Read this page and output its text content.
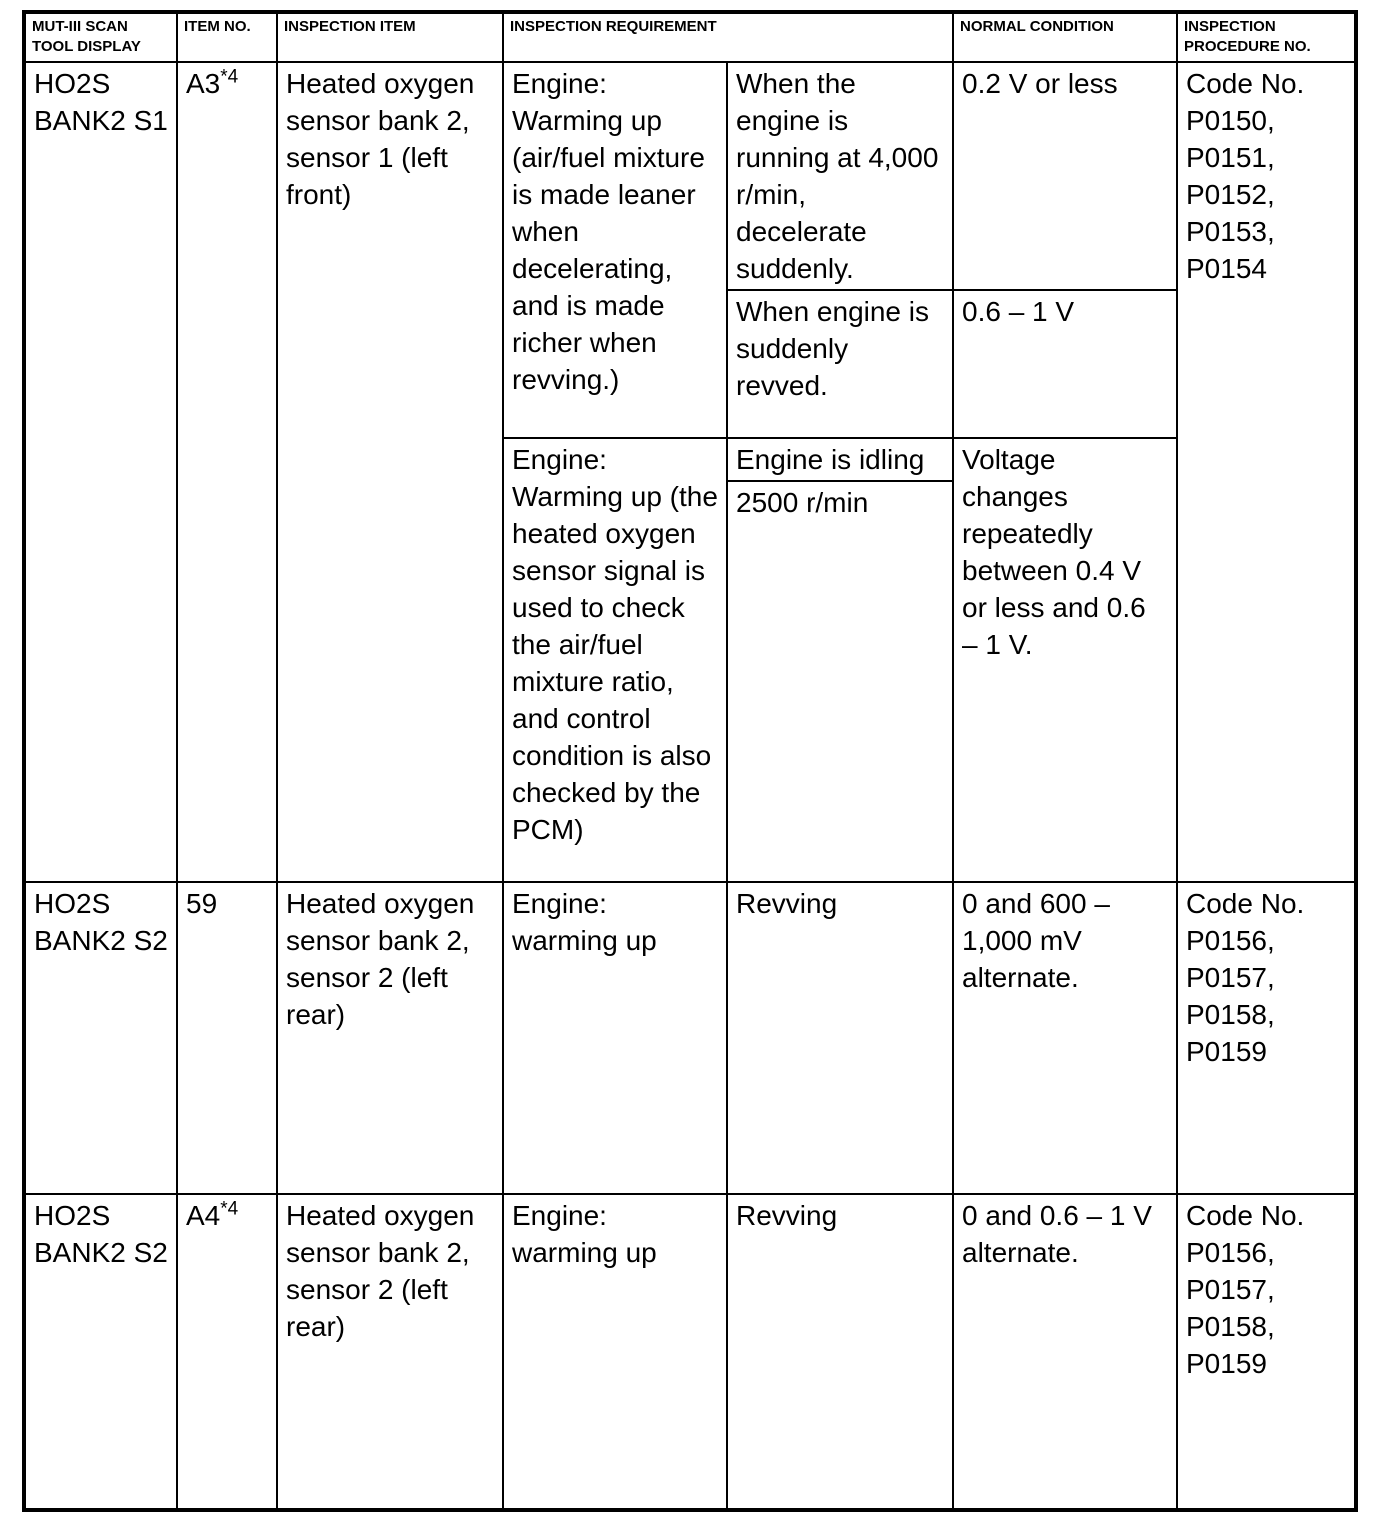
MUT-III SCAN TOOL DISPLAY	ITEM NO.	INSPECTION ITEM	INSPECTION REQUIREMENT		NORMAL CONDITION	INSPECTION PROCEDURE NO.
HO2S BANK2 S1	A3$^{*4}$	Heated oxygen sensor bank 2, sensor 1 (left front)	Engine: Warming up (air/fuel mixture is made leaner when decelerating, and is made richer when revving.)	When the engine is running at 4,000 r/min, decelerate suddenly.	0.2 V or less	Code No. P0150, P0151, P0152, P0153, P0154
				When engine is suddenly revved.	0.6 – 1 V	
			Engine: Warming up (the heated oxygen sensor signal is used to check the air/fuel mixture ratio, and control condition is also checked by the PCM)	Engine is idling	Voltage changes repeatedly between 0.4 V or less and 0.6 – 1 V.	
				2500 r/min		
HO2S BANK2 S2	59	Heated oxygen sensor bank 2, sensor 2 (left rear)	Engine: warming up	Revving	0 and 600 – 1,000 mV alternate.	Code No. P0156, P0157, P0158, P0159
HO2S BANK2 S2	A4$^{*4}$	Heated oxygen sensor bank 2, sensor 2 (left rear)	Engine: warming up	Revving	0 and 0.6 – 1 V alternate.	Code No. P0156, P0157, P0158, P0159
